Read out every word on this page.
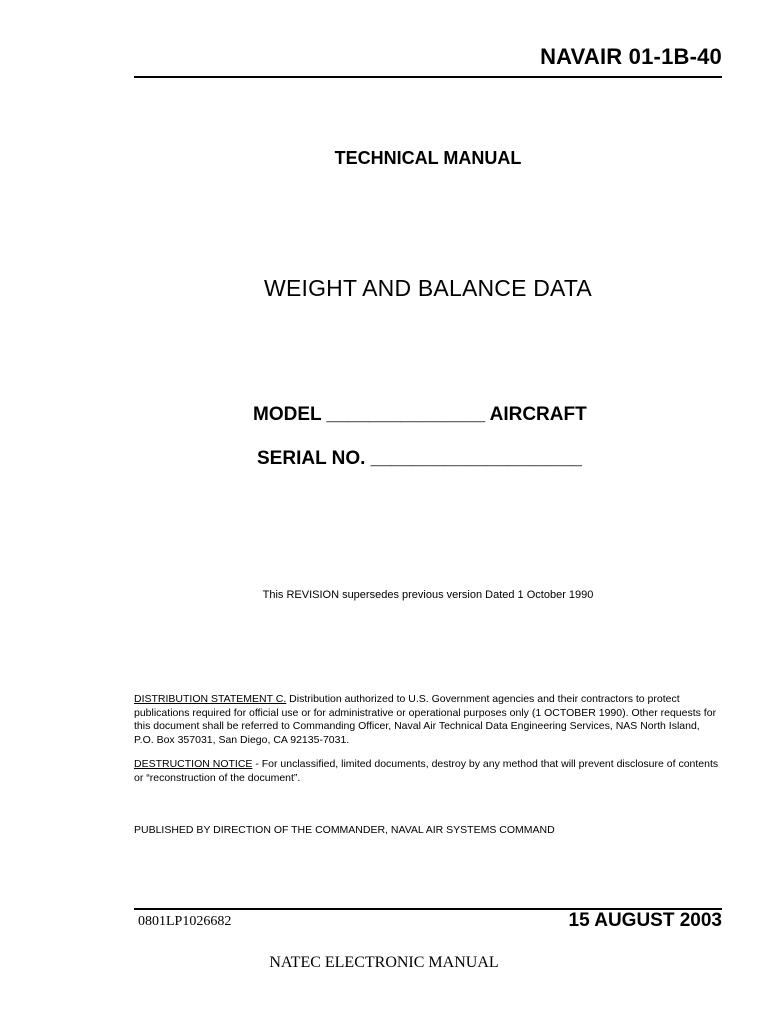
NAVAIR 01-1B-40
TECHNICAL MANUAL
WEIGHT AND BALANCE DATA
MODEL _______________ AIRCRAFT
SERIAL NO. ____________________
This REVISION supersedes previous version Dated 1 October 1990
DISTRIBUTION STATEMENT C. Distribution authorized to U.S. Government agencies and their contractors to protect publications required for official use or for administrative or operational purposes only (1 OCTOBER 1990). Other requests for this document shall be referred to Commanding Officer, Naval Air Technical Data Engineering Services, NAS North Island, P.O. Box 357031, San Diego, CA 92135-7031.
DESTRUCTION NOTICE - For unclassified, limited documents, destroy by any method that will prevent disclosure of contents or “reconstruction of the document”.
PUBLISHED BY DIRECTION OF THE COMMANDER, NAVAL AIR SYSTEMS COMMAND
0801LP1026682	15 AUGUST 2003
NATEC ELECTRONIC MANUAL
